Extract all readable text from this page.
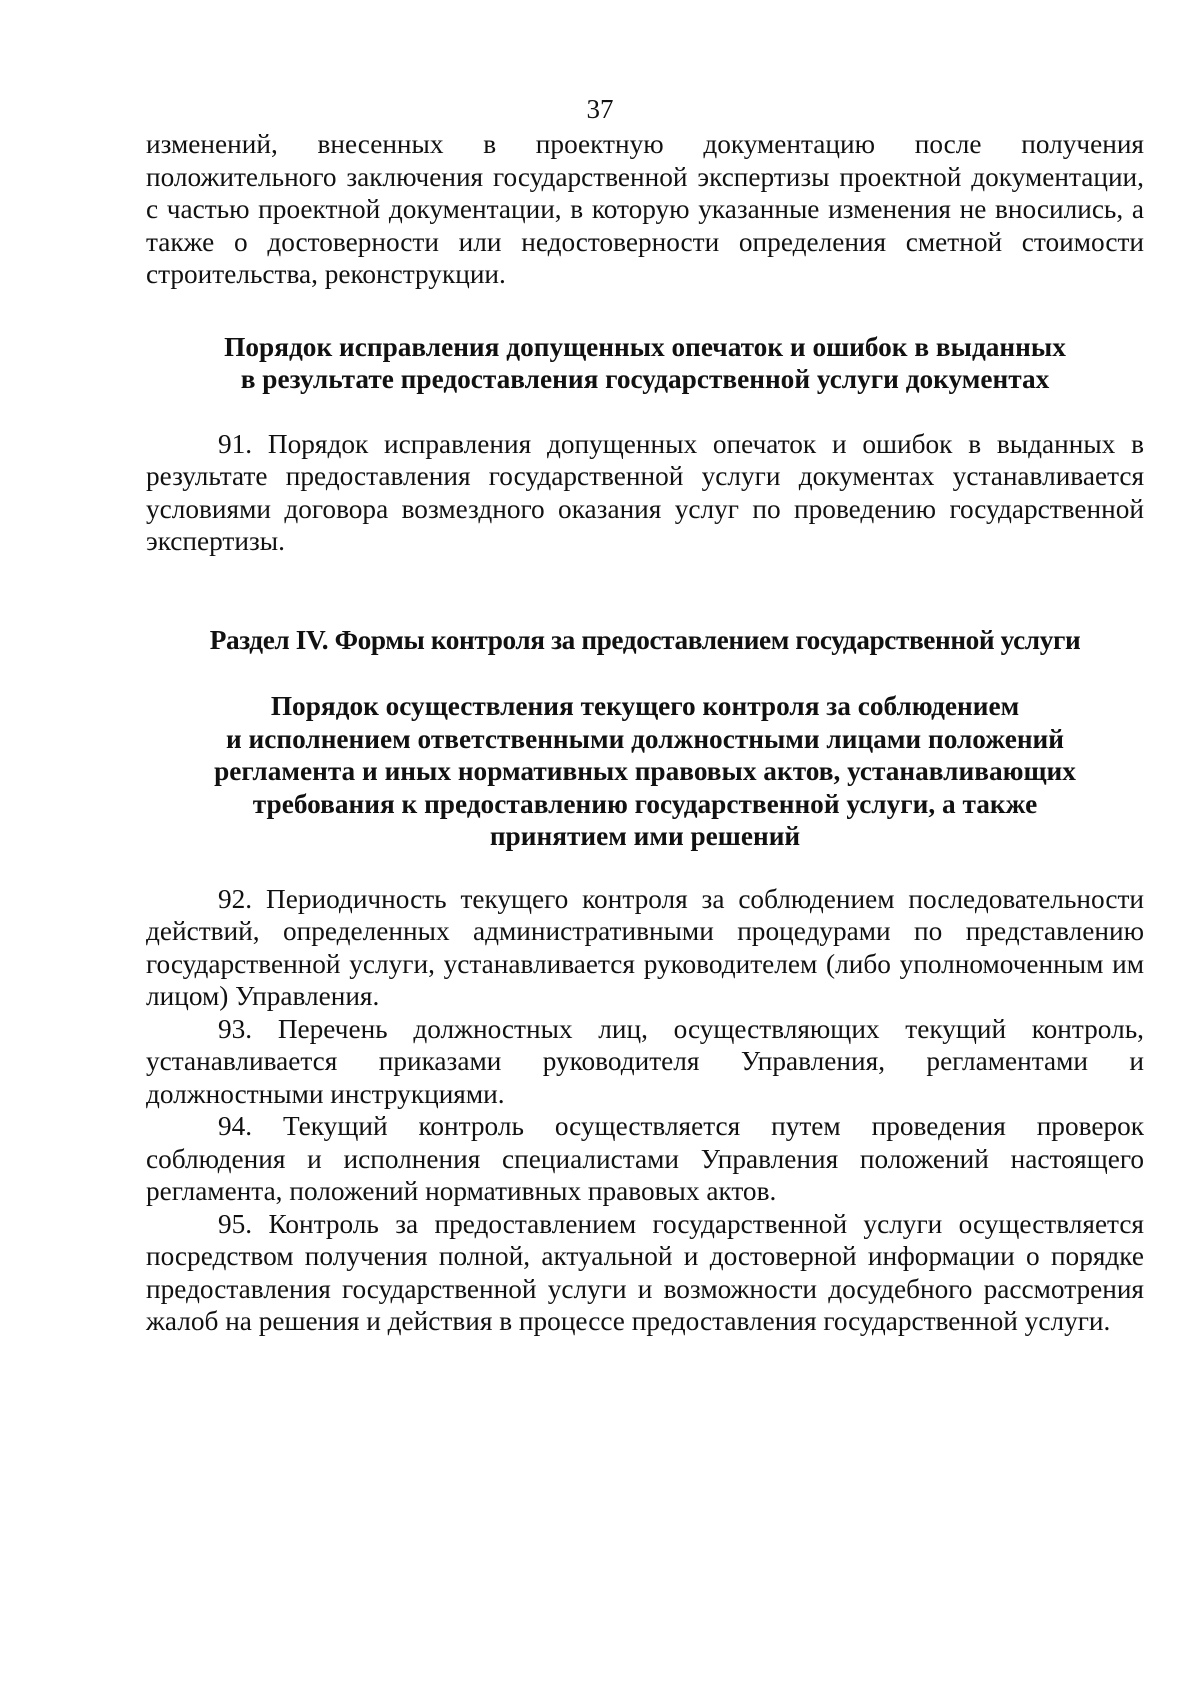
37

изменений, внесенных в проектную документацию после получения положительного заключения государственной экспертизы проектной документации, с частью проектной документации, в которую указанные изменения не вносились, а также о достоверности или недостоверности определения сметной стоимости строительства, реконструкции.

Порядок исправления допущенных опечаток и ошибок в выданных
в результате предоставления государственной услуги документах

91. Порядок исправления допущенных опечаток и ошибок в выданных в результате предоставления государственной услуги документах устанавливается условиями договора возмездного оказания услуг по проведению государственной экспертизы.

Раздел IV. Формы контроля за предоставлением государственной услуги
Порядок осуществления текущего контроля за соблюдением
и исполнением ответственными должностными лицами положений
регламента и иных нормативных правовых актов, устанавливающих
требования к предоставлению государственной услуги, а также
принятием ими решений

92. Периодичность текущего контроля за соблюдением последовательности действий, определенных административными процедурами по представлению государственной услуги, устанавливается руководителем (либо уполномоченным им лицом) Управления.

93. Перечень должностных лиц, осуществляющих текущий контроль, устанавливается приказами руководителя Управления, регламентами и должностными инструкциями.

94. Текущий контроль осуществляется путем проведения проверок соблюдения и исполнения специалистами Управления положений настоящего регламента, положений нормативных правовых актов.

95. Контроль за предоставлением государственной услуги осуществляется посредством получения полной, актуальной и достоверной информации о порядке предоставления государственной услуги и возможности досудебного рассмотрения жалоб на решения и действия в процессе предоставления государственной услуги.
